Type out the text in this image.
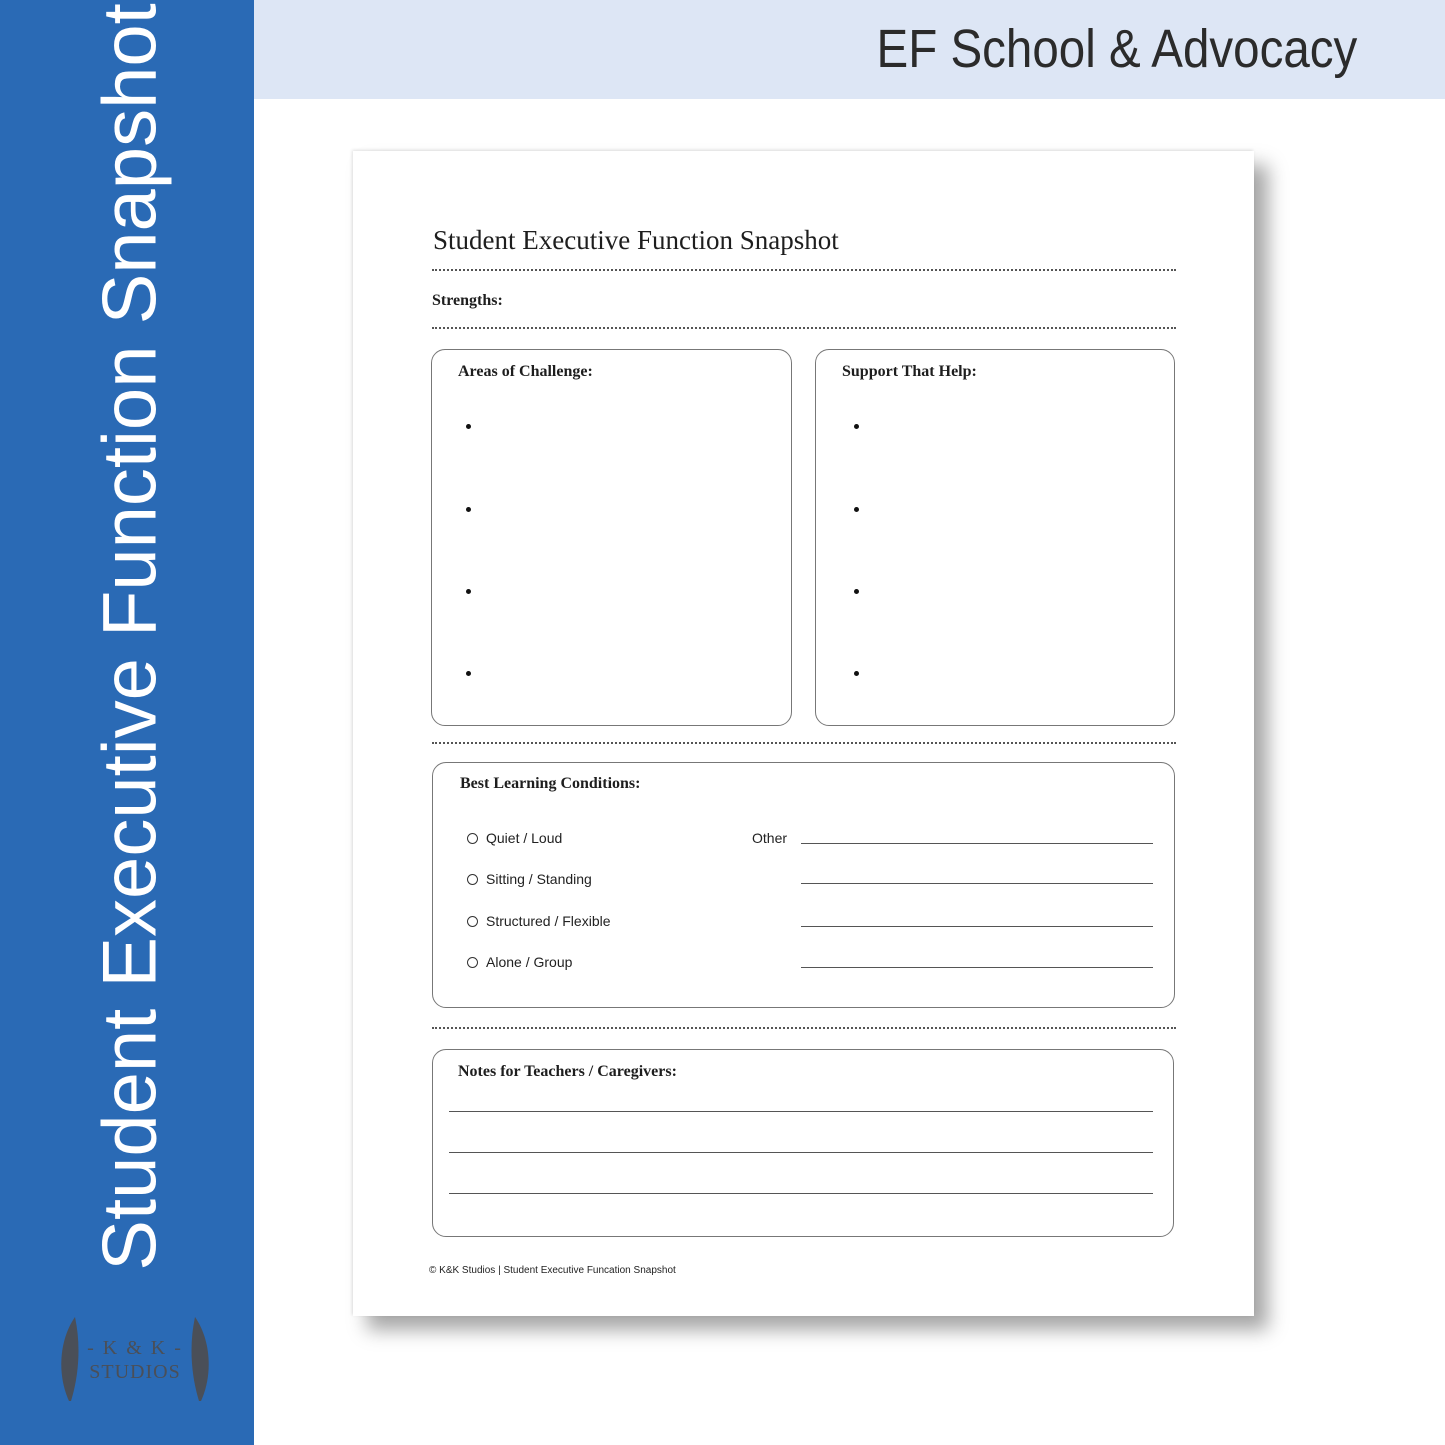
Student Executive Function Snapshot
- K & K -
STUDIOS
EF School & Advocacy
Student Executive Function Snapshot
Strengths:
Areas of Challenge:	Support That Help:
Best Learning Conditions:
Quiet / Loud
Sitting / Standing
Structured / Flexible
Alone / Group
Other
Notes for Teachers / Caregivers:
© K&K Studios | Student Executive Funcation Snapshot
